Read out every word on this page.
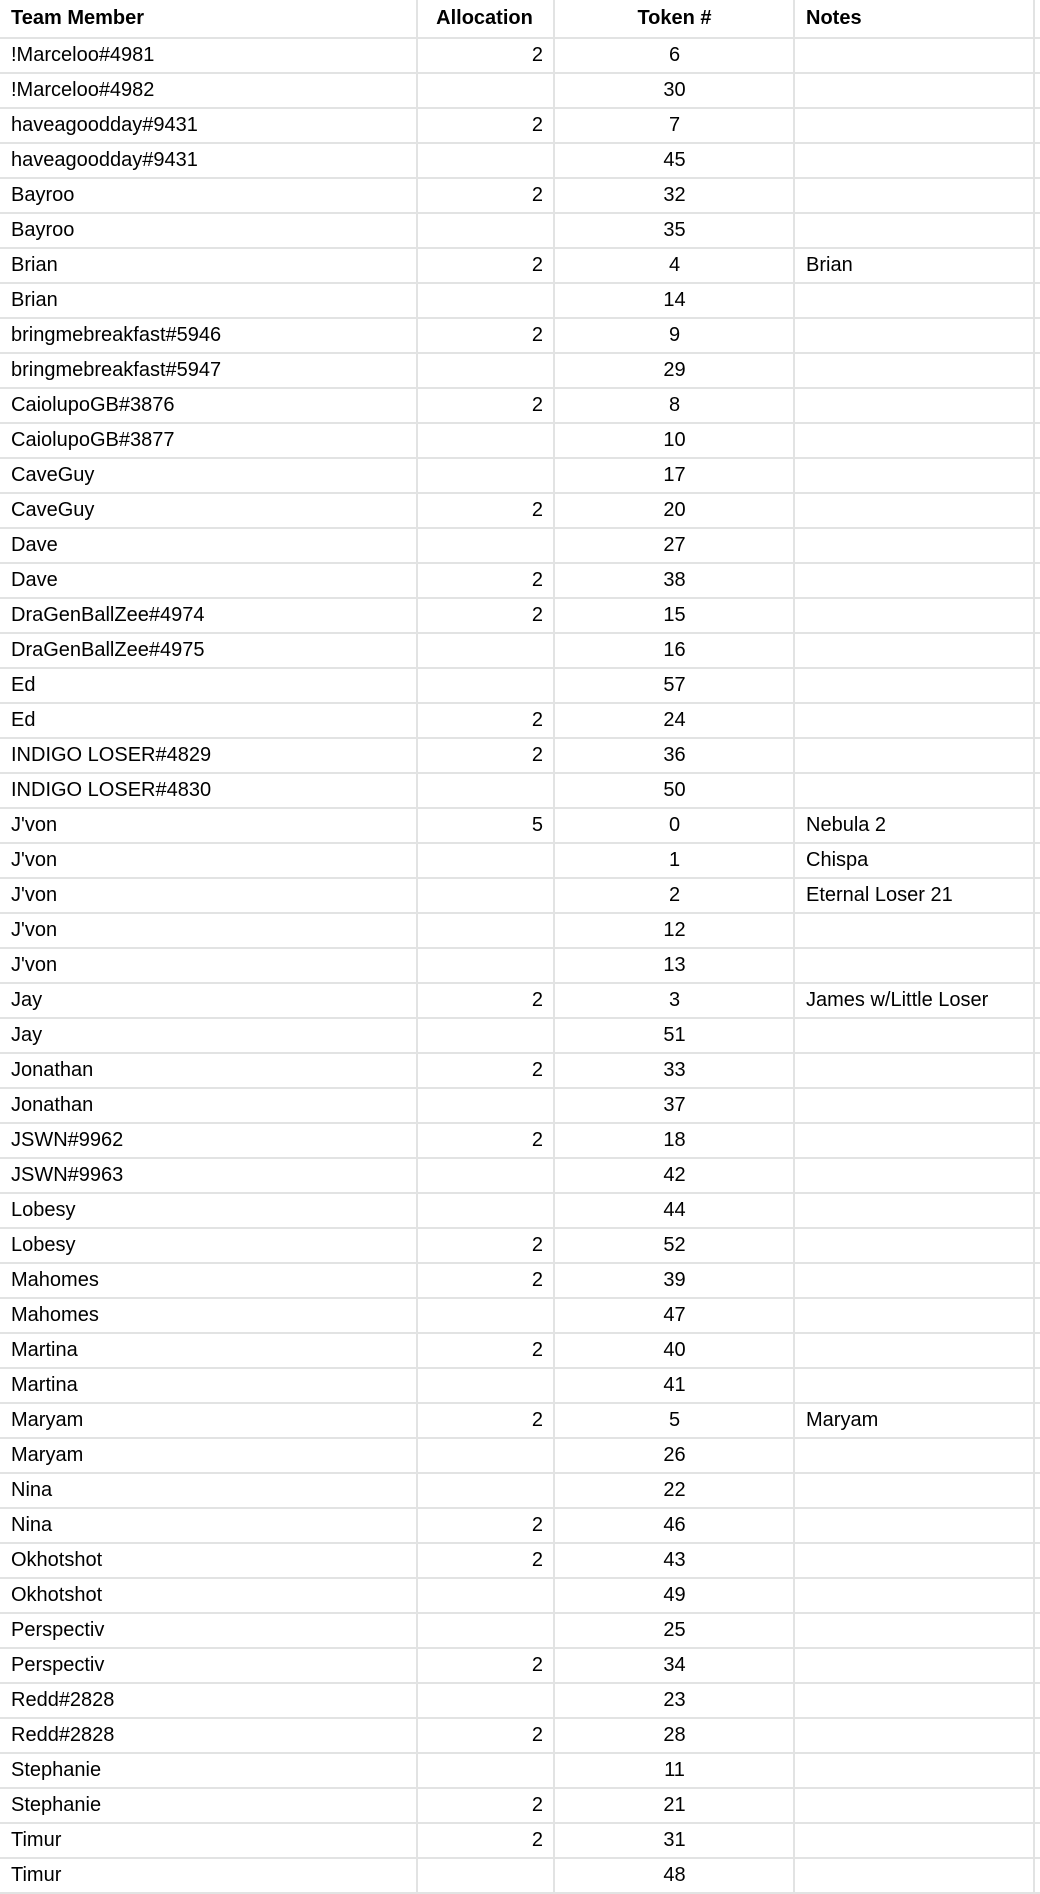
Team Member	Allocation	Token #	Notes	
!Marceloo#4981	2	6		
!Marceloo#4982		30		
haveagoodday#9431	2	7		
haveagoodday#9431		45		
Bayroo	2	32		
Bayroo		35		
Brian	2	4	Brian	
Brian		14		
bringmebreakfast#5946	2	9		
bringmebreakfast#5947		29		
CaiolupoGB#3876	2	8		
CaiolupoGB#3877		10		
CaveGuy		17		
CaveGuy	2	20		
Dave		27		
Dave	2	38		
DraGenBallZee#4974	2	15		
DraGenBallZee#4975		16		
Ed		57		
Ed	2	24		
INDIGO LOSER#4829	2	36		
INDIGO LOSER#4830		50		
J'von	5	0	Nebula 2	
J'von		1	Chispa	
J'von		2	Eternal Loser 21	
J'von		12		
J'von		13		
Jay	2	3	James w/Little Loser	
Jay		51		
Jonathan	2	33		
Jonathan		37		
JSWN#9962	2	18		
JSWN#9963		42		
Lobesy		44		
Lobesy	2	52		
Mahomes	2	39		
Mahomes		47		
Martina	2	40		
Martina		41		
Maryam	2	5	Maryam	
Maryam		26		
Nina		22		
Nina	2	46		
Okhotshot	2	43		
Okhotshot		49		
Perspectiv		25		
Perspectiv	2	34		
Redd#2828		23		
Redd#2828	2	28		
Stephanie		11		
Stephanie	2	21		
Timur	2	31		
Timur		48		
